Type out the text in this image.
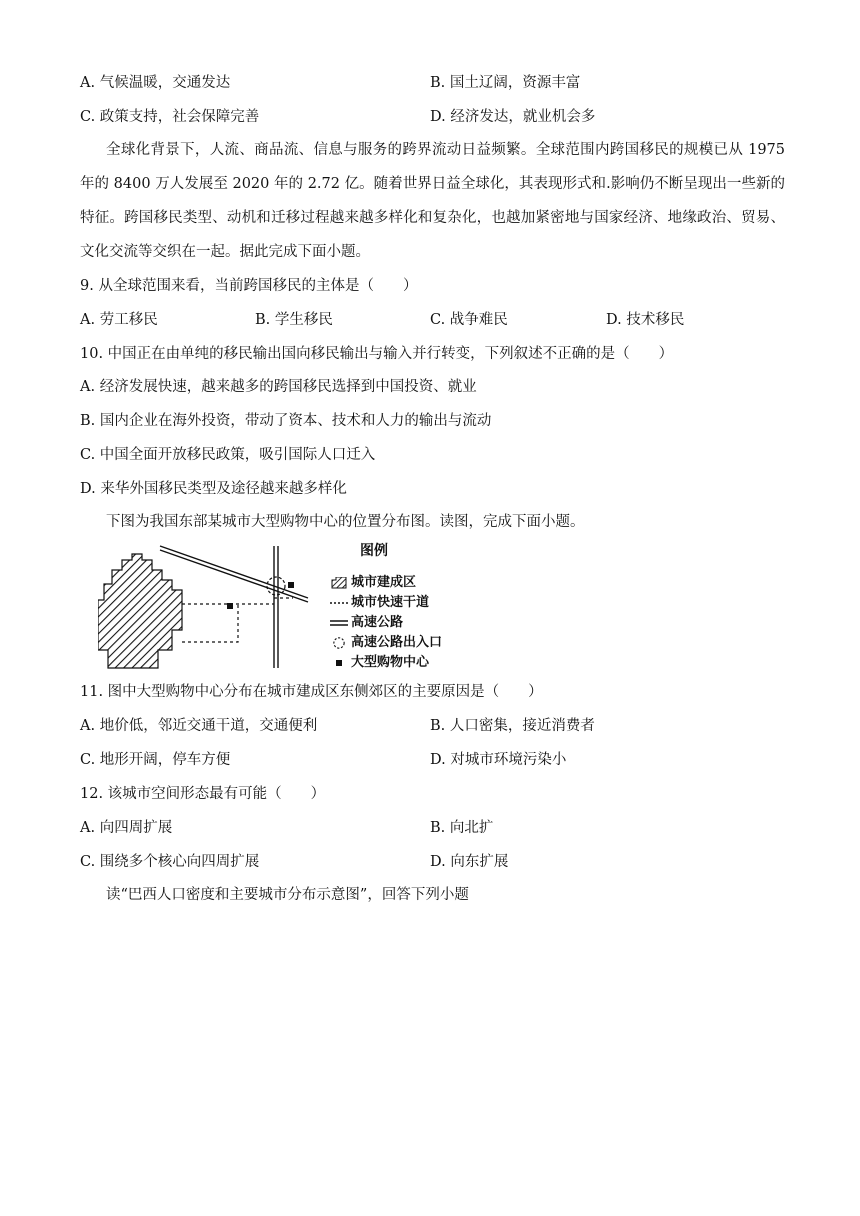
A. 气候温暖，交通发达	B. 国土辽阔，资源丰富
C. 政策支持，社会保障完善	D. 经济发达，就业机会多
全球化背景下，人流、商品流、信息与服务的跨界流动日益频繁。全球范围内跨国移民的规模已从 1975 年的 8400 万人发展至 2020 年的 2.72 亿。随着世界日益全球化，其表现形式和.影响仍不断呈现出一些新的特征。跨国移民类型、动机和迁移过程越来越多样化和复杂化，也越加紧密地与国家经济、地缘政治、贸易、文化交流等交织在一起。据此完成下面小题。
9. 从全球范围来看，当前跨国移民的主体是（　　）
A. 劳工移民	B. 学生移民	C. 战争难民	D. 技术移民
10. 中国正在由单纯的移民输出国向移民输出与输入并行转变，下列叙述不正确的是（　　）
A. 经济发展快速，越来越多的跨国移民选择到中国投资、就业
B. 国内企业在海外投资，带动了资本、技术和人力的输出与流动
C. 中国全面开放移民政策，吸引国际人口迁入
D. 来华外国移民类型及途径越来越多样化
下图为我国东部某城市大型购物中心的位置分布图。读图，完成下面小题。
图例
城市建成区
城市快速干道
高速公路
高速公路出入口
大型购物中心
11. 图中大型购物中心分布在城市建成区东侧郊区的主要原因是（　　）
A. 地价低，邻近交通干道，交通便利	B. 人口密集，接近消费者
C. 地形开阔，停车方便	D. 对城市环境污染小
12. 该城市空间形态最有可能（　　）
A. 向四周扩展	B. 向北扩
C. 围绕多个核心向四周扩展	D. 向东扩展
读“巴西人口密度和主要城市分布示意图”，回答下列小题
